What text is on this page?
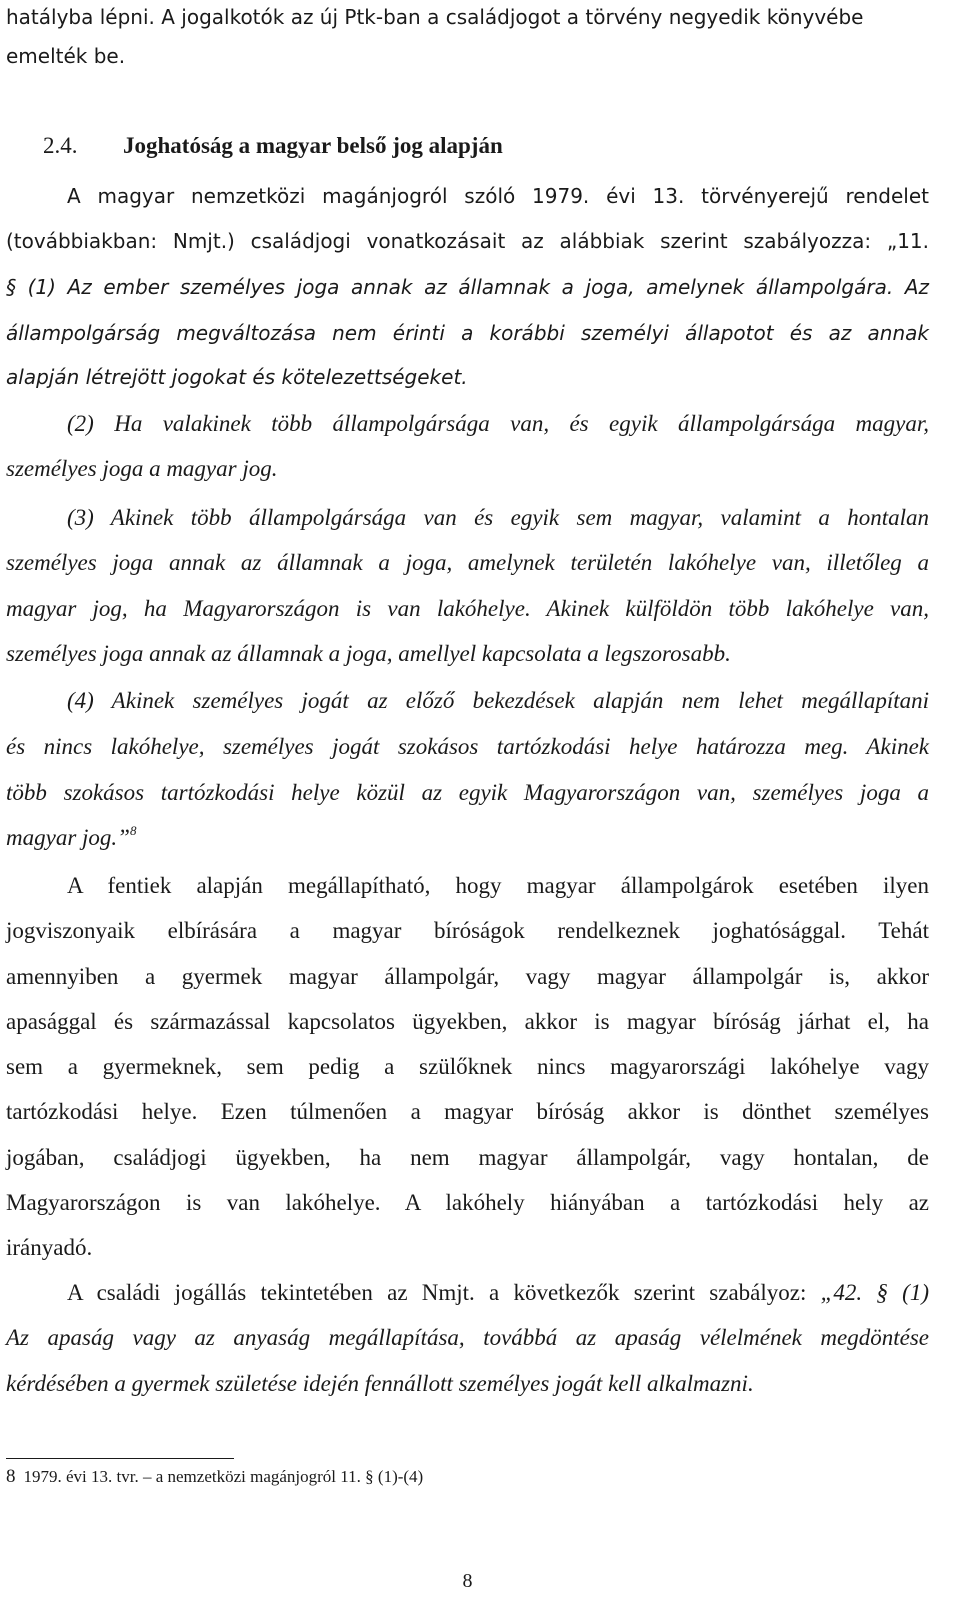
hatályba lépni. A jogalkotók az új Ptk-ban a családjogot a törvény negyedik könyvébe
emelték be.
2.4. Joghatóság a magyar belső jog alapján
A magyar nemzetközi magánjogról szóló 1979. évi 13. törvényerejű rendelet
(továbbiakban: Nmjt.) családjogi vonatkozásait az alábbiak szerint szabályozza: „11.
§ (1) Az ember személyes joga annak az államnak a joga, amelynek állampolgára. Az
állampolgárság megváltozása nem érinti a korábbi személyi állapotot és az annak
alapján létrejött jogokat és kötelezettségeket.
(2) Ha valakinek több állampolgársága van, és egyik állampolgársága magyar,
személyes joga a magyar jog.
(3) Akinek több állampolgársága van és egyik sem magyar, valamint a hontalan
személyes joga annak az államnak a joga, amelynek területén lakóhelye van, illetőleg a
magyar jog, ha Magyarországon is van lakóhelye. Akinek külföldön több lakóhelye van,
személyes joga annak az államnak a joga, amellyel kapcsolata a legszorosabb.
(4) Akinek személyes jogát az előző bekezdések alapján nem lehet megállapítani
és nincs lakóhelye, személyes jogát szokásos tartózkodási helye határozza meg. Akinek
több szokásos tartózkodási helye közül az egyik Magyarországon van, személyes joga a
magyar jog.”$^8$
A fentiek alapján megállapítható, hogy magyar állampolgárok esetében ilyen
jogviszonyaik elbírására a magyar bíróságok rendelkeznek joghatósággal. Tehát
amennyiben a gyermek magyar állampolgár, vagy magyar állampolgár is, akkor
apasággal és származással kapcsolatos ügyekben, akkor is magyar bíróság járhat el, ha
sem a gyermeknek, sem pedig a szülőknek nincs magyarországi lakóhelye vagy
tartózkodási helye. Ezen túlmenően a magyar bíróság akkor is dönthet személyes
jogában, családjogi ügyekben, ha nem magyar állampolgár, vagy hontalan, de
Magyarországon is van lakóhelye. A lakóhely hiányában a tartózkodási hely az
irányadó.
A családi jogállás tekintetében az Nmjt. a következők szerint szabályoz: „42. § (1)
Az apaság vagy az anyaság megállapítása, továbbá az apaság vélelmének megdöntése
kérdésében a gyermek születése idején fennállott személyes jogát kell alkalmazni.
8 1979. évi 13. tvr. – a nemzetközi magánjogról 11. § (1)-(4)
8
